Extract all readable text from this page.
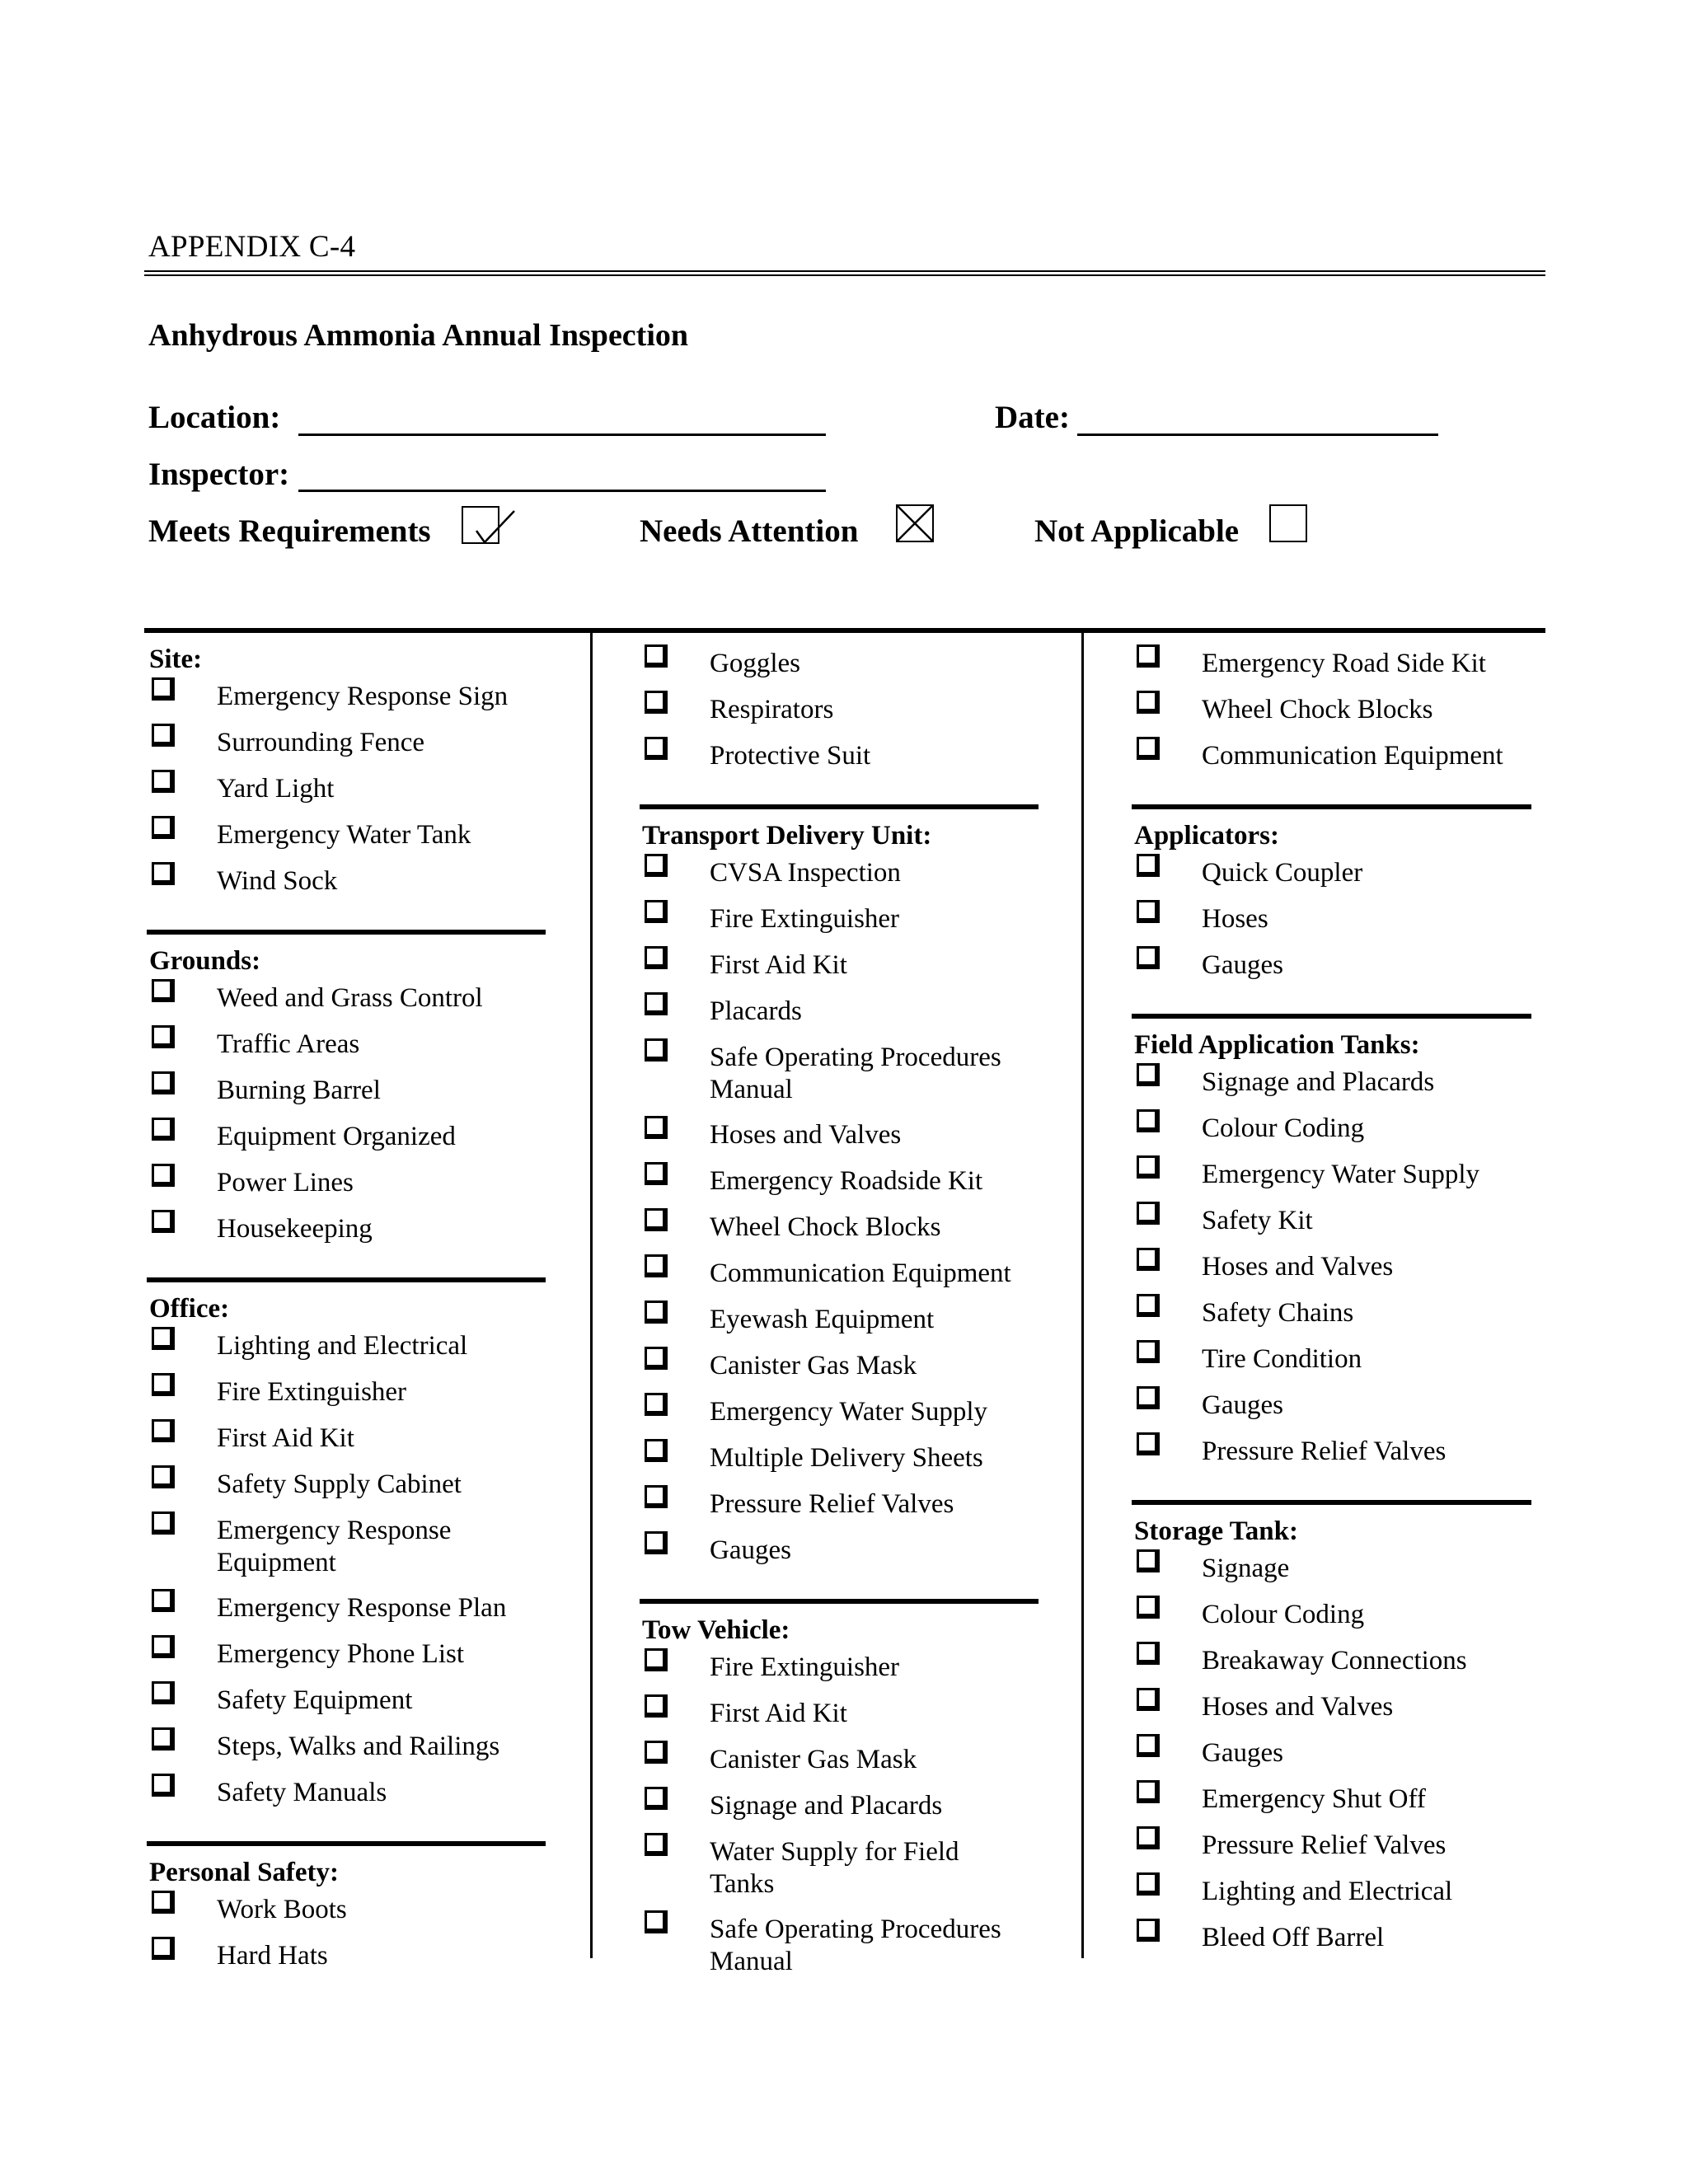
APPENDIX C-4
Anhydrous Ammonia Annual Inspection
Location:	Date:
Inspector:
Meets Requirements	Needs Attention	Not Applicable
Site:
Emergency Response Sign
Surrounding Fence
Yard Light
Emergency Water Tank
Wind Sock
Grounds:
Weed and Grass Control
Traffic Areas
Burning Barrel
Equipment Organized
Power Lines
Housekeeping
Office:
Lighting and Electrical
Fire Extinguisher
First Aid Kit
Safety Supply Cabinet
Emergency Response
Equipment
Emergency Response Plan
Emergency Phone List
Safety Equipment
Steps, Walks and Railings
Safety Manuals
Personal Safety:
Work Boots
Hard Hats
Goggles
Respirators
Protective Suit
Transport Delivery Unit:
CVSA Inspection
Fire Extinguisher
First Aid Kit
Placards
Safe Operating Procedures
Manual
Hoses and Valves
Emergency Roadside Kit
Wheel Chock Blocks
Communication Equipment
Eyewash Equipment
Canister Gas Mask
Emergency Water Supply
Multiple Delivery Sheets
Pressure Relief Valves
Gauges
Tow Vehicle:
Fire Extinguisher
First Aid Kit
Canister Gas Mask
Signage and Placards
Water Supply for Field
Tanks
Safe Operating Procedures
Manual
Emergency Road Side Kit
Wheel Chock Blocks
Communication Equipment
Applicators:
Quick Coupler
Hoses
Gauges
Field Application Tanks:
Signage and Placards
Colour Coding
Emergency Water Supply
Safety Kit
Hoses and Valves
Safety Chains
Tire Condition
Gauges
Pressure Relief Valves
Storage Tank:
Signage
Colour Coding
Breakaway Connections
Hoses and Valves
Gauges
Emergency Shut Off
Pressure Relief Valves
Lighting and Electrical
Bleed Off Barrel
